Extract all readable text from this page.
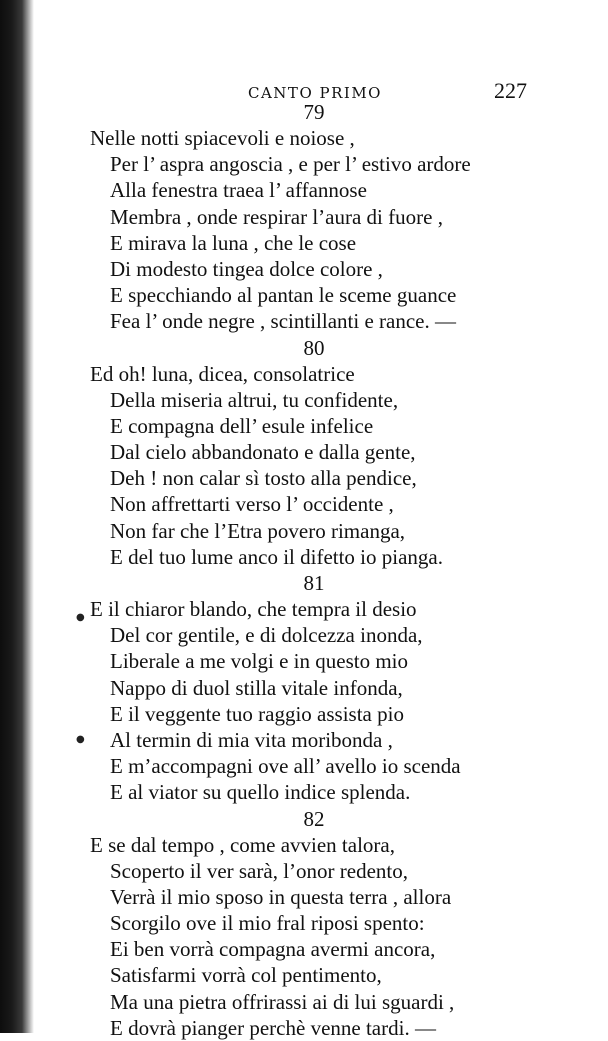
CANTO PRIMO	227
79
Nelle notti spiacevoli e noiose ,
Per l’ aspra angoscia , e per l’ estivo ardore
Alla fenestra traea l’ affannose
Membra , onde respirar l’aura di fuore ,
E mirava la luna , che le cose
Di modesto tingea dolce colore ,
E specchiando al pantan le sceme guance
Fea l’ onde negre , scintillanti e rance. —
80
Ed oh! luna, dicea, consolatrice
Della miseria altrui, tu confidente,
E compagna dell’ esule infelice
Dal cielo abbandonato e dalla gente,
Deh ! non calar sì tosto alla pendice,
Non affrettarti verso l’ occidente ,
Non far che l’Etra povero rimanga,
E del tuo lume anco il difetto io pianga.
81
E il chiaror blando, che tempra il desio
Del cor gentile, e di dolcezza inonda,
Liberale a me volgi e in questo mio
Nappo di duol stilla vitale infonda,
E il veggente tuo raggio assista pio
Al termin di mia vita moribonda ,
E m’accompagni ove all’ avello io scenda
E al viator su quello indice splenda.
82
E se dal tempo , come avvien talora,
Scoperto il ver sarà, l’onor redento,
Verrà il mio sposo in questa terra , allora
Scorgilo ove il mio fral riposi spento:
Ei ben vorrà compagna avermi ancora,
Satisfarmi vorrà col pentimento,
Ma una pietra offrirassi ai di lui sguardi ,
E dovrà pianger perchè venne tardi. —
●
●
